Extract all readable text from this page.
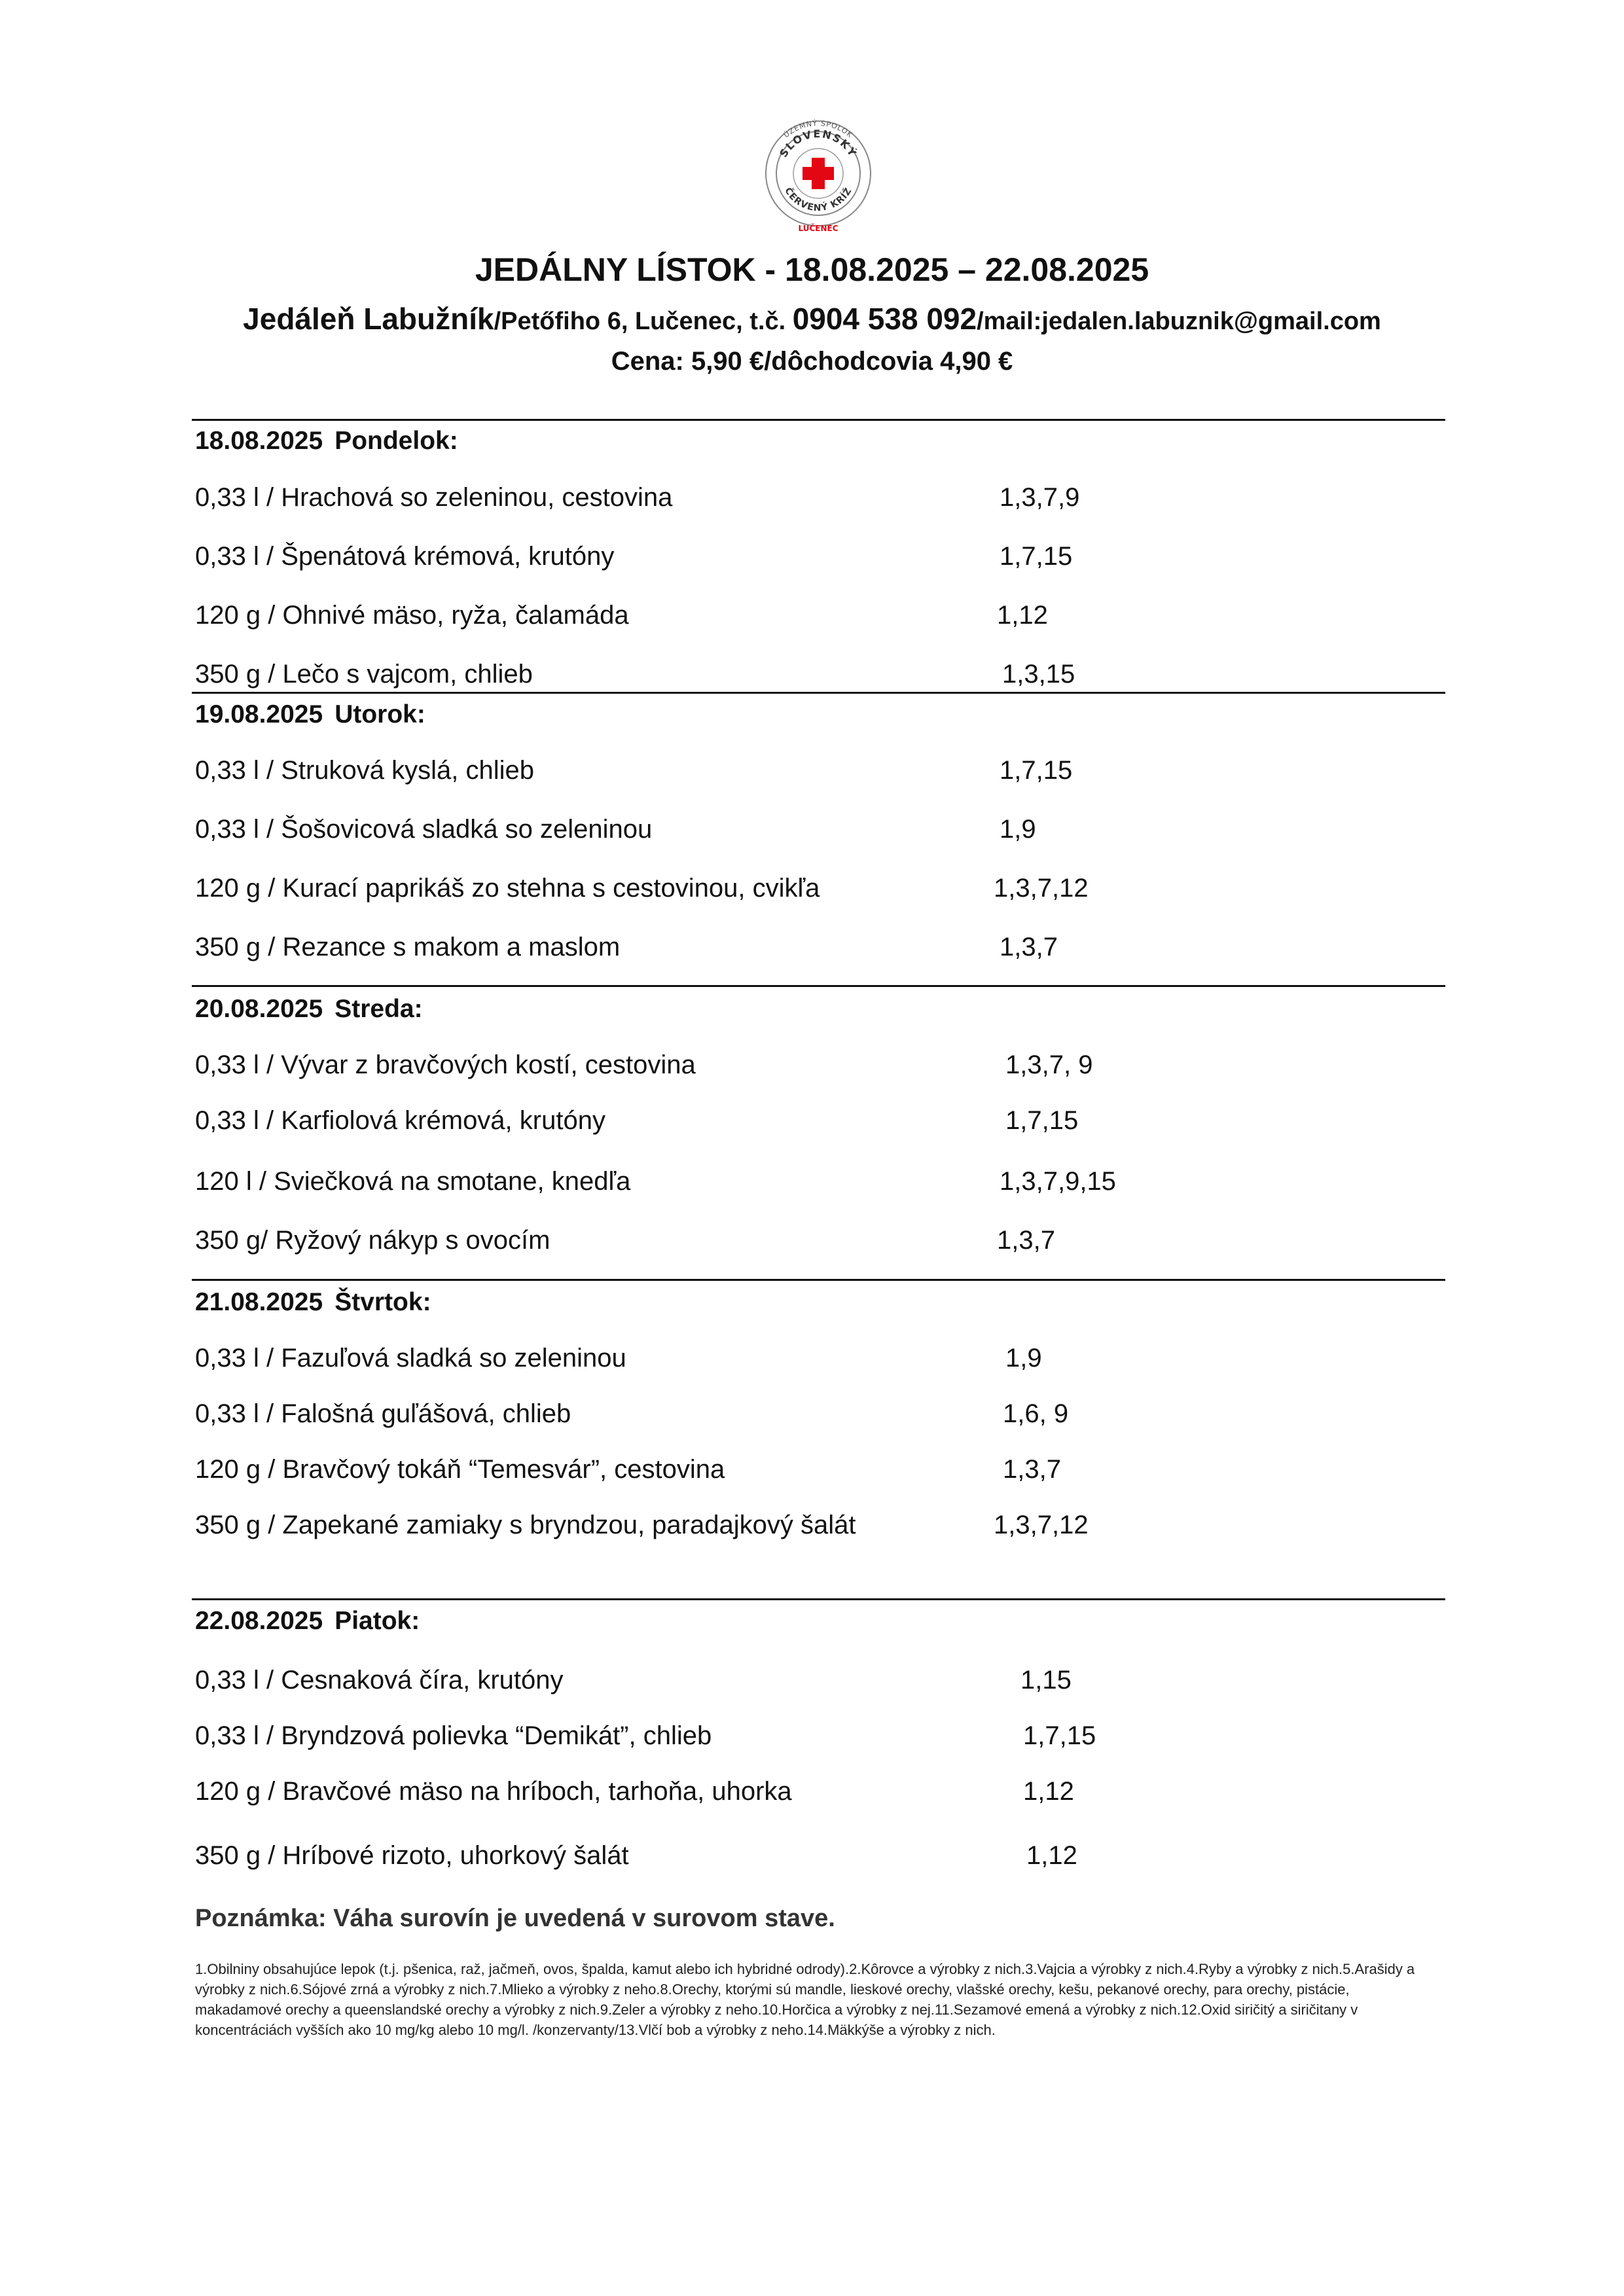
ÚZEMNÝ SPOLOK
SLOVENSKÝ
ČERVENÝ KRÍŽ
LUČENEC
JEDÁLNY LÍSTOK - 18.08.2025 – 22.08.2025
Jedáleň Labužník/Petőfiho 6, Lučenec, t.č. 0904 538 092/mail:jedalen.labuznik@gmail.com
Cena: 5,90 €/dôchodcovia 4,90 €
18.08.2025 Pondelok:
0,33 l / Hrachová so zeleninou, cestovina	1,3,7,9
0,33 l / Špenátová krémová, krutóny	1,7,15
120 g / Ohnivé mäso, ryža, čalamáda	1,12
350 g / Lečo s vajcom, chlieb	1,3,15
19.08.2025 Utorok:
0,33 l / Struková kyslá, chlieb	1,7,15
0,33 l / Šošovicová sladká so zeleninou	1,9
120 g / Kurací paprikáš zo stehna s cestovinou, cvikľa	1,3,7,12
350 g / Rezance s makom a maslom	1,3,7
20.08.2025 Streda:
0,33 l / Vývar z bravčových kostí, cestovina	1,3,7, 9
0,33 l / Karfiolová krémová, krutóny	1,7,15
120 l / Sviečková na smotane, knedľa	1,3,7,9,15
350 g/ Ryžový nákyp s ovocím	1,3,7
21.08.2025 Štvrtok:
0,33 l / Fazuľová sladká so zeleninou	1,9
0,33 l / Falošná guľášová, chlieb	1,6, 9
120 g / Bravčový tokáň “Temesvár”, cestovina	1,3,7
350 g / Zapekané zamiaky s bryndzou, paradajkový šalát	1,3,7,12
22.08.2025 Piatok:
0,33 l / Cesnaková číra, krutóny	1,15
0,33 l / Bryndzová polievka “Demikát”, chlieb	1,7,15
120 g / Bravčové mäso na hríboch, tarhoňa, uhorka	1,12
350 g / Hríbové rizoto, uhorkový šalát	1,12
Poznámka: Váha surovín je uvedená v surovom stave.
1.Obilniny obsahujúce lepok (t.j. pšenica, raž, jačmeň, ovos, špalda, kamut alebo ich hybridné odrody).2.Kôrovce a výrobky z nich.3.Vajcia a výrobky z nich.4.Ryby a výrobky z nich.5.Arašidy a výrobky z nich.6.Sójové zrná a výrobky z nich.7.Mlieko a výrobky z neho.8.Orechy, ktorými sú mandle, lieskové orechy, vlašské orechy, kešu, pekanové orechy, para orechy, pistácie, makadamové orechy a queenslandské orechy a výrobky z nich.9.Zeler a výrobky z neho.10.Horčica a výrobky z nej.11.Sezamové emená a výrobky z nich.12.Oxid siričitý a siričitany v koncentráciách vyšších ako 10 mg/kg alebo 10 mg/l. /konzervanty/13.Vlčí bob a výrobky z neho.14.Mäkkýše a výrobky z nich.
